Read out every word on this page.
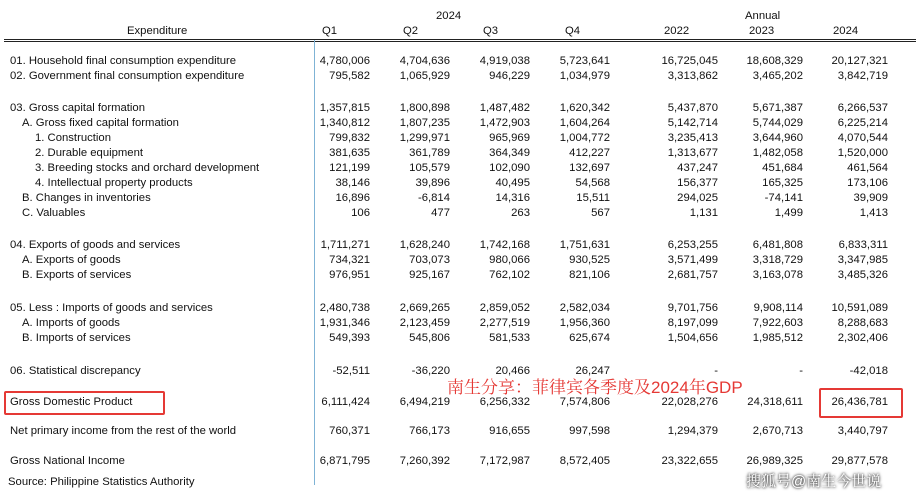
2024	Annual
Expenditure	Q1	Q2	Q3	Q4	2022	2023	2024
01. Household final consumption expenditure	4,780,006	4,704,636	4,919,038	5,723,641	16,725,045	18,608,329	20,127,321
02. Government final consumption expenditure	795,582	1,065,929	946,229	1,034,979	3,313,862	3,465,202	3,842,719
03. Gross capital formation	1,357,815	1,800,898	1,487,482	1,620,342	5,437,870	5,671,387	6,266,537
A. Gross fixed capital formation	1,340,812	1,807,235	1,472,903	1,604,264	5,142,714	5,744,029	6,225,214
1. Construction	799,832	1,299,971	965,969	1,004,772	3,235,413	3,644,960	4,070,544
2. Durable equipment	381,635	361,789	364,349	412,227	1,313,677	1,482,058	1,520,000
3. Breeding stocks and orchard development	121,199	105,579	102,090	132,697	437,247	451,684	461,564
4. Intellectual property products	38,146	39,896	40,495	54,568	156,377	165,325	173,106
B. Changes in inventories	16,896	-6,814	14,316	15,511	294,025	-74,141	39,909
C. Valuables	106	477	263	567	1,131	1,499	1,413
04. Exports of goods and services	1,711,271	1,628,240	1,742,168	1,751,631	6,253,255	6,481,808	6,833,311
A. Exports of goods	734,321	703,073	980,066	930,525	3,571,499	3,318,729	3,347,985
B. Exports of services	976,951	925,167	762,102	821,106	2,681,757	3,163,078	3,485,326
05. Less : Imports of goods and services	2,480,738	2,669,265	2,859,052	2,582,034	9,701,756	9,908,114	10,591,089
A. Imports of goods	1,931,346	2,123,459	2,277,519	1,956,360	8,197,099	7,922,603	8,288,683
B. Imports of services	549,393	545,806	581,533	625,674	1,504,656	1,985,512	2,302,406
06. Statistical discrepancy	-52,511	-36,220	20,466	26,247	-	-	-42,018
Gross Domestic Product	6,111,424	6,494,219	6,256,332	7,574,806	22,028,276	24,318,611	26,436,781
Net primary income from the rest of the world	760,371	766,173	916,655	997,598	1,294,379	2,670,713	3,440,797
Gross National Income	6,871,795	7,260,392	7,172,987	8,572,405	23,322,655	26,989,325	29,877,578
南生分享：菲律宾各季度及2024年GDP
Source: Philippine Statistics Authority	搜狐号@南生今世说
